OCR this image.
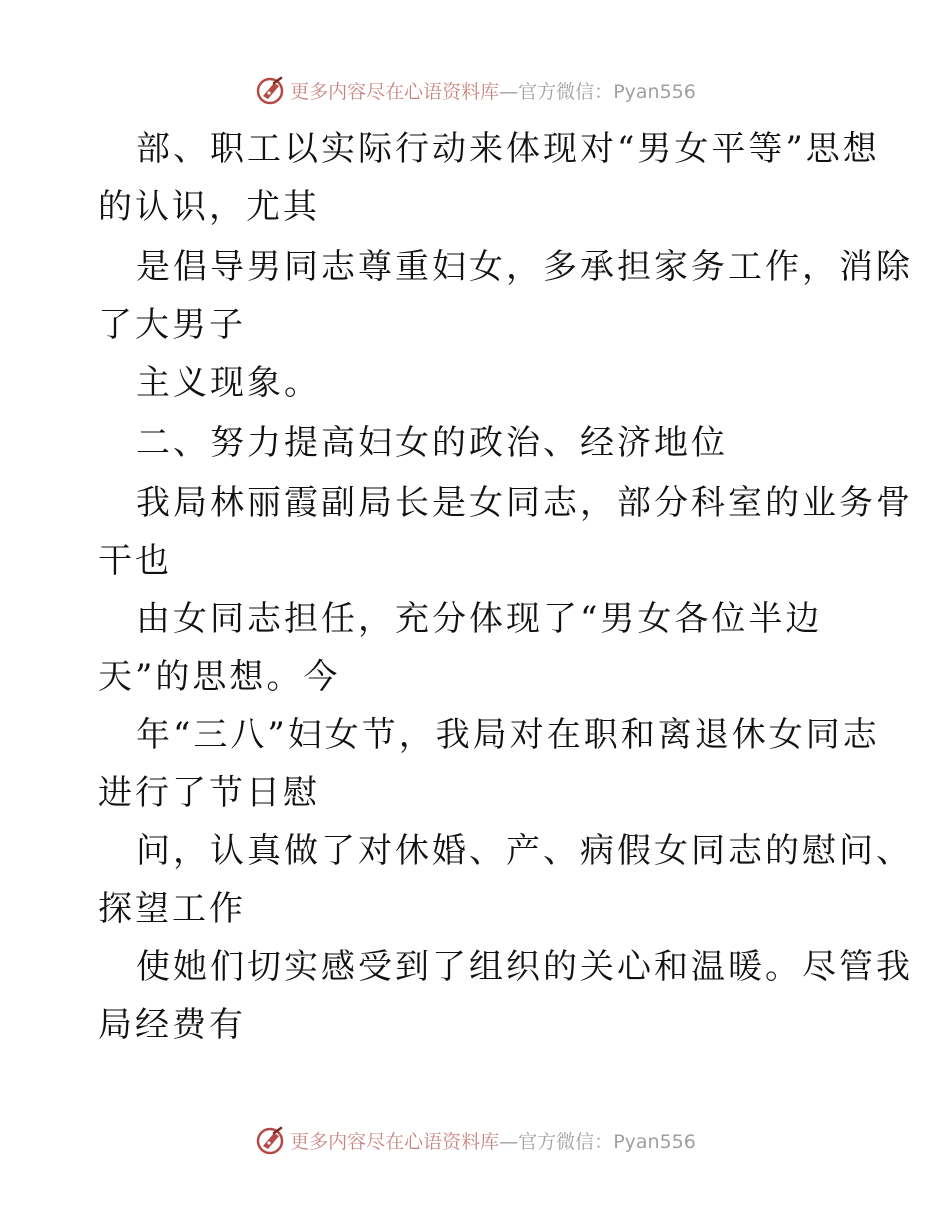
更多内容尽在心语资料库—官方微信：Pyan556
部、职工以实际行动来体现对“男女平等”思想
的认识，尤其
是倡导男同志尊重妇女，多承担家务工作，消除
了大男子
主义现象。
二、努力提高妇女的政治、经济地位
我局林丽霞副局长是女同志，部分科室的业务骨
干也
由女同志担任，充分体现了“男女各位半边
天”的思想。今
年“三八”妇女节，我局对在职和离退休女同志
进行了节日慰
问，认真做了对休婚、产、病假女同志的慰问、
探望工作
使她们切实感受到了组织的关心和温暖。尽管我
局经费有
更多内容尽在心语资料库—官方微信：Pyan556
